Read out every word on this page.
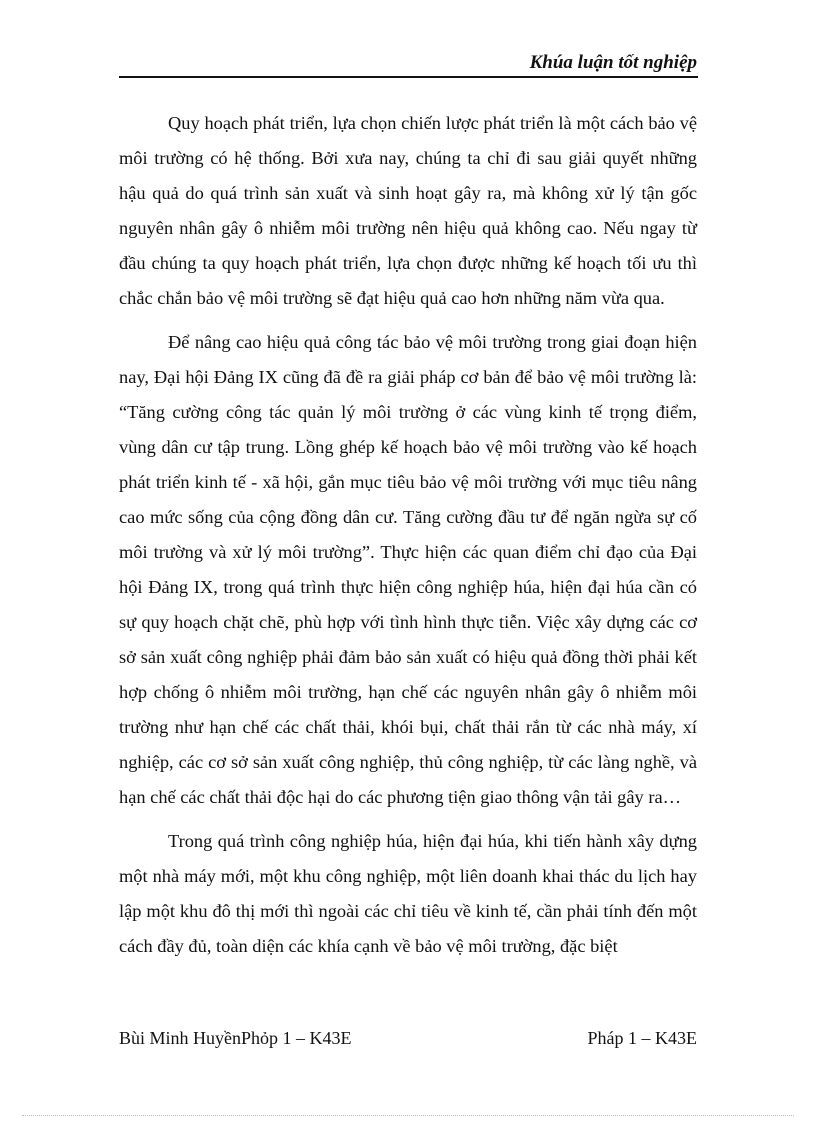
Khúa luận tốt nghiệp

Quy hoạch phát triển, lựa chọn chiến lược phát triển là một cách bảo vệ môi trường có hệ thống. Bởi xưa nay, chúng ta chỉ đi sau giải quyết những hậu quả do quá trình sản xuất và sinh hoạt gây ra, mà không xử lý tận gốc nguyên nhân gây ô nhiễm môi trường nên hiệu quả không cao. Nếu ngay từ đầu chúng ta quy hoạch phát triển, lựa chọn được những kế hoạch tối ưu thì chắc chắn bảo vệ môi trường sẽ đạt hiệu quả cao hơn những năm vừa qua.

Để nâng cao hiệu quả công tác bảo vệ môi trường trong giai đoạn hiện nay, Đại hội Đảng IX cũng đã đề ra giải pháp cơ bản để bảo vệ môi trường là: “Tăng cường công tác quản lý môi trường ở các vùng kinh tế trọng điểm, vùng dân cư tập trung. Lồng ghép kế hoạch bảo vệ môi trường vào kế hoạch phát triển kinh tế - xã hội, gắn mục tiêu bảo vệ môi trường với mục tiêu nâng cao mức sống của cộng đồng dân cư. Tăng cường đầu tư để ngăn ngừa sự cố môi trường và xử lý môi trường”. Thực hiện các quan điểm chỉ đạo của Đại hội Đảng IX, trong quá trình thực hiện công nghiệp húa, hiện đại húa cần có sự quy hoạch chặt chẽ, phù hợp với tình hình thực tiễn. Việc xây dựng các cơ sở sản xuất công nghiệp phải đảm bảo sản xuất có hiệu quả đồng thời phải kết hợp chống ô nhiễm môi trường, hạn chế các nguyên nhân gây ô nhiễm môi trường như hạn chế các chất thải, khói bụi, chất thải rắn từ các nhà máy, xí nghiệp, các cơ sở sản xuất công nghiệp, thủ công nghiệp, từ các làng nghề, và hạn chế các chất thải độc hại do các phương tiện giao thông vận tải gây ra…

Trong quá trình công nghiệp húa, hiện đại húa, khi tiến hành xây dựng một nhà máy mới, một khu công nghiệp, một liên doanh khai thác du lịch hay lập một khu đô thị mới thì ngoài các chỉ tiêu về kinh tế, cần phải tính đến một cách đầy đủ, toàn diện các khía cạnh về bảo vệ môi trường, đặc biệt

Bùi Minh HuyềnPhỏp 1 – K43E	Pháp 1 – K43E
